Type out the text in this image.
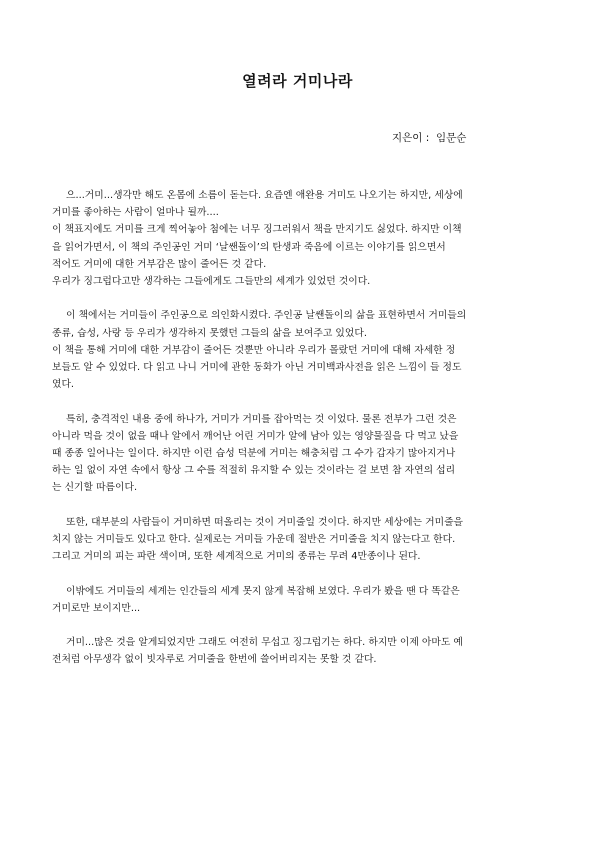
열려라 거미나라
지은이 :  임문순

으...거미...생각만 해도 온몸에 소름이 돋는다. 요즘엔 애완용 거미도 나오기는 하지만, 세상에
거미를 좋아하는 사람이 얼마나 될까....
이 책표지에도 거미를 크게 찍어놓아 첨에는 너무 징그러워서 책을 만지기도 싫었다. 하지만 이책
을 읽어가면서, 이 책의 주인공인 거미 ‘날쌘돌이’의 탄생과 죽음에 이르는 이야기를 읽으면서
적어도 거미에 대한 거부감은 많이 줄어든 것 같다.
우리가 징그럽다고만 생각하는 그들에게도 그들만의 세계가 있었던 것이다.

이 책에서는 거미들이 주인공으로 의인화시켰다. 주인공 날쌘돌이의 삶을 표현하면서 거미들의
종류, 습성, 사랑 등 우리가 생각하지 못했던 그들의 삶을 보여주고 있었다.
이 책을 통해 거미에 대한 거부감이 줄어든 것뿐만 아니라 우리가 몰랐던 거미에 대해 자세한 정
보들도 알 수 있었다. 다 읽고 나니 거미에 관한 동화가 아닌 거미백과사전을 읽은 느낌이 들 정도
였다.

특히, 충격적인 내용 중에 하나가, 거미가 거미를 잡아먹는 것 이었다. 물론 전부가 그런 것은
아니라 먹을 것이 없을 때나 알에서 깨어난 어린 거미가 알에 남아 있는 영양물질을 다 먹고 났을
때 종종 일어나는 일이다. 하지만 이런 습성 덕분에 거미는 해충처럼 그 수가 갑자기 많아지거나
하는 일 없이 자연 속에서 항상 그 수를 적절히 유지할 수 있는 것이라는 걸 보면 참 자연의 섭리
는 신기할 따름이다.

또한, 대부분의 사람들이 거미하면 떠올리는 것이 거미줄일 것이다. 하지만 세상에는 거미줄을
치지 않는 거미들도 있다고 한다. 실제로는 거미들 가운데 절반은 거미줄을 치지 않는다고 한다.
그리고 거미의 피는 파란 색이며, 또한 세계적으로 거미의 종류는 무려 4만종이나 된다.

이밖에도 거미들의 세계는 인간들의 세계 못지 않게 복잡해 보였다. 우리가 봤을 땐 다 똑같은
거미로만 보이지만...

거미...많은 것을 알게되었지만 그래도 여전히 무섭고 징그럽기는 하다. 하지만 이제 아마도 예
전처럼 아무생각 없이 빗자루로 거미줄을 한번에 쓸어버리지는 못할 것 같다.
